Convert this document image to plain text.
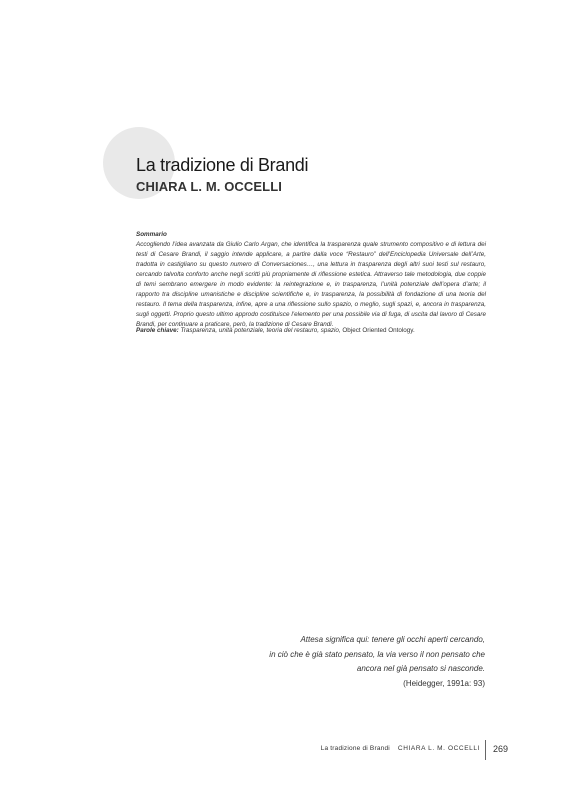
La tradizione di Brandi
CHIARA L. M. OCCELLI
Sommario

Accogliendo l’idea avanzata da Giulio Carlo Argan, che identifica la trasparenza quale strumento compositivo e di lettura dei testi di Cesare Brandi, il saggio intende applicare, a partire dalla voce “Restauro” dell’Enciclopedia Universale dell’Arte, tradotta in castigliano su questo numero di Conversaciones…, una lettura in trasparenza degli altri suoi testi sul restauro, cercando talvolta conforto anche negli scritti più propriamente di riflessione estetica. Attraverso tale metodologia, due coppie di temi sembrano emergere in modo evidente: la reintegrazione e, in trasparenza, l’unità potenziale dell’opera d’arte; il rapporto tra discipline umanistiche e discipline scientifiche e, in trasparenza, la possibilità di fondazione di una teoria del restauro. Il tema della trasparenza, infine, apre a una riflessione sullo spazio, o meglio, sugli spazi, e, ancora in trasparenza, sugli oggetti. Proprio questo ultimo approdo costituisce l’elemento per una possibile via di fuga, di uscita dal lavoro di Cesare Brandi, per continuare a praticare, però, la tradizione di Cesare Brandi.

Parole chiave: Trasparenza, unità potenziale, teoria del restauro, spazio, Object Oriented Ontology.
Attesa significa qui: tenere gli occhi aperti cercando,
in ciò che è già stato pensato, la via verso il non pensato che
ancora nel già pensato si nasconde.
(Heidegger, 1991a: 93)
La tradizione di Brandi CHIARA L. M. OCCELLI 269
